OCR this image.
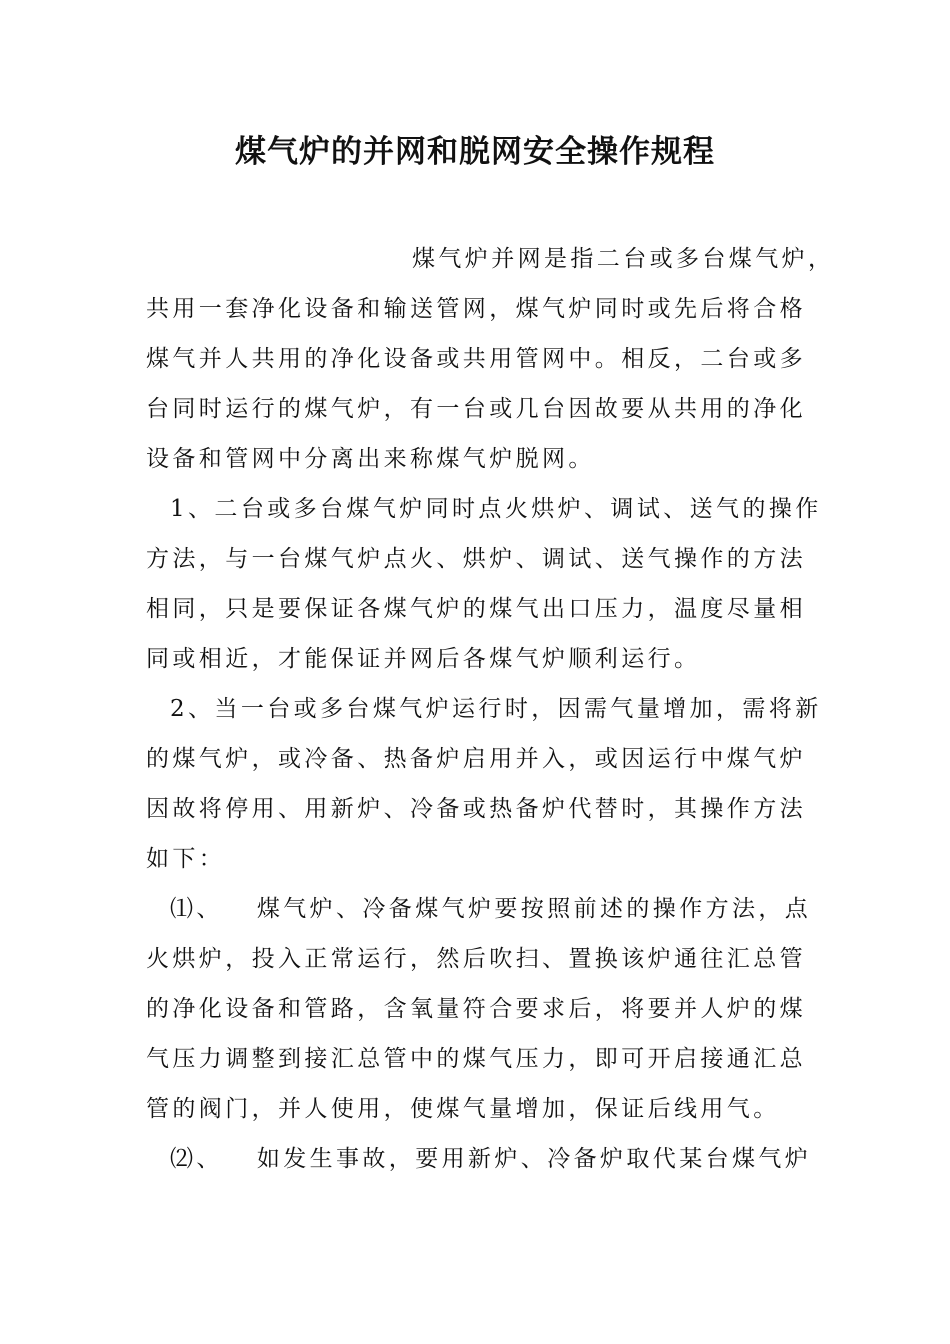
煤气炉的并网和脱网安全操作规程
煤气炉并网是指二台或多台煤气炉，
共用一套净化设备和输送管网，煤气炉同时或先后将合格
煤气并人共用的净化设备或共用管网中。相反，二台或多
台同时运行的煤气炉，有一台或几台因故要从共用的净化
设备和管网中分离出来称煤气炉脱网。
1、二台或多台煤气炉同时点火烘炉、调试、送气的操作
方法，与一台煤气炉点火、烘炉、调试、送气操作的方法
相同，只是要保证各煤气炉的煤气出口压力，温度尽量相
同或相近，才能保证并网后各煤气炉顺利运行。
2、当一台或多台煤气炉运行时，因需气量增加，需将新
的煤气炉，或冷备、热备炉启用并入，或因运行中煤气炉
因故将停用、用新炉、冷备或热备炉代替时，其操作方法
如下：
⑴、 煤气炉、冷备煤气炉要按照前述的操作方法，点
火烘炉，投入正常运行，然后吹扫、置换该炉通往汇总管
的净化设备和管路，含氧量符合要求后，将要并人炉的煤
气压力调整到接汇总管中的煤气压力，即可开启接通汇总
管的阀门，并人使用，使煤气量增加，保证后线用气。
⑵、 如发生事故，要用新炉、冷备炉取代某台煤气炉
